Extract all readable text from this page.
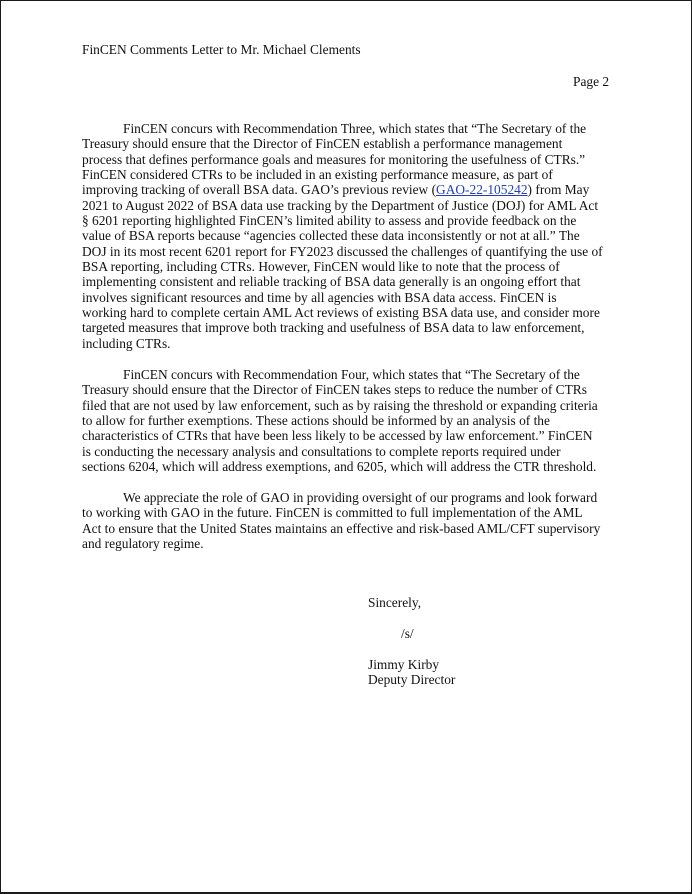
FinCEN Comments Letter to Mr. Michael Clements
Page 2
FinCEN concurs with Recommendation Three, which states that “The Secretary of the
Treasury should ensure that the Director of FinCEN establish a performance management
process that defines performance goals and measures for monitoring the usefulness of CTRs.”
FinCEN considered CTRs to be included in an existing performance measure, as part of
improving tracking of overall BSA data. GAO’s previous review (GAO-22-105242) from May
2021 to August 2022 of BSA data use tracking by the Department of Justice (DOJ) for AML Act
§ 6201 reporting highlighted FinCEN’s limited ability to assess and provide feedback on the
value of BSA reports because “agencies collected these data inconsistently or not at all.” The
DOJ in its most recent 6201 report for FY2023 discussed the challenges of quantifying the use of
BSA reporting, including CTRs. However, FinCEN would like to note that the process of
implementing consistent and reliable tracking of BSA data generally is an ongoing effort that
involves significant resources and time by all agencies with BSA data access. FinCEN is
working hard to complete certain AML Act reviews of existing BSA data use, and consider more
targeted measures that improve both tracking and usefulness of BSA data to law enforcement,
including CTRs.
FinCEN concurs with Recommendation Four, which states that “The Secretary of the
Treasury should ensure that the Director of FinCEN takes steps to reduce the number of CTRs
filed that are not used by law enforcement, such as by raising the threshold or expanding criteria
to allow for further exemptions. These actions should be informed by an analysis of the
characteristics of CTRs that have been less likely to be accessed by law enforcement.” FinCEN
is conducting the necessary analysis and consultations to complete reports required under
sections 6204, which will address exemptions, and 6205, which will address the CTR threshold.
We appreciate the role of GAO in providing oversight of our programs and look forward
to working with GAO in the future. FinCEN is committed to full implementation of the AML
Act to ensure that the United States maintains an effective and risk-based AML/CFT supervisory
and regulatory regime.
Sincerely,
/s/
Jimmy Kirby
Deputy Director
